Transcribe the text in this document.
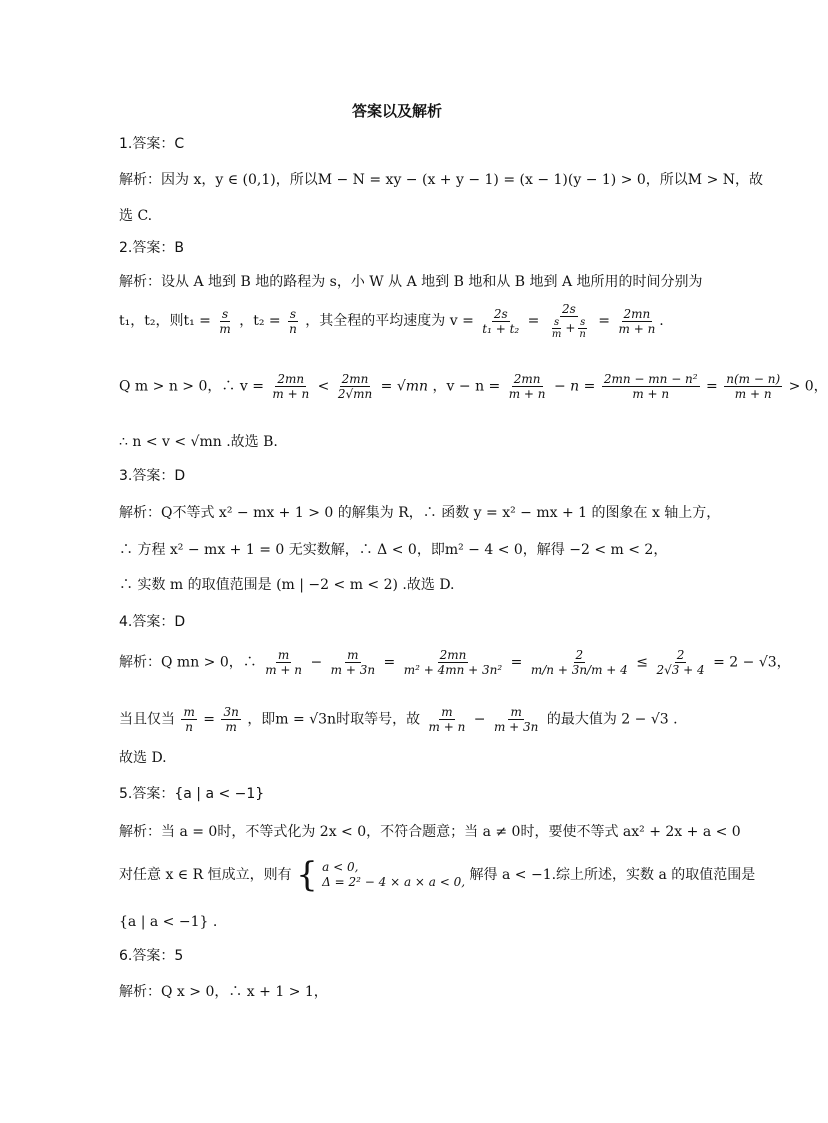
答案以及解析
1.答案：C
解析：因为 x，y ∈ (0,1)，所以M − N = xy − (x + y − 1) = (x − 1)(y − 1) > 0，所以M > N，故
选 C.
2.答案：B
解析：设从 A 地到 B 地的路程为 s，小 W 从 A 地到 B 地和从 B 地到 A 地所用的时间分别为
t₁，t₂，则$t_1 = \frac{s}{m}$ ，$t_2 = \frac{s}{n}$ ，其全程的平均速度为 $v = \frac{2s}{\text{t₁ + t₂}} = \frac{2s}{\frac{s}{m} + \frac{s}{n}} = \frac{2mn}{m + n}$ .
Q m > n > 0，∴ $v = \frac{2mn}{m + n} < \frac{2mn}{2√mn} = √mn$ ，$v - n = \frac{2mn}{m + n} - n = \frac{\text{2mn − mn − n²}}{m + n} = \frac{n(m - n)}{m + n} > 0$，
∴ n < v < √mn .故选 B.
3.答案：D
解析：Q不等式 x² − mx + 1 > 0 的解集为 R，∴ 函数 y = x² − mx + 1 的图象在 x 轴上方，
∴ 方程 x² − mx + 1 = 0 无实数解，∴ Δ < 0，即m² − 4 < 0，解得 −2 < m < 2，
∴ 实数 m 的取值范围是 (m | −2 < m < 2) .故选 D.
4.答案：D
解析：Q mn > 0，∴ $\frac{m}{m + n} - \frac{m}{m + 3n} = \frac{2mn}{\text{m² + 4mn + 3n²}} = \frac{2}{m/n + 3n/m + 4} \le \frac{2}{2√3 + 4} = 2 - √3$，
当且仅当 $\frac{m}{n} = \frac{3n}{m}$ ，即m = √3n时取等号，故 $\frac{m}{m + n} - \frac{m}{m + 3n}$ 的最大值为 2 − √3 .
故选 D.
5.答案：{a | a < −1}
解析：当 a = 0时，不等式化为 2x < 0，不符合题意；当 a ≠ 0时，要使不等式 ax² + 2x + a < 0
对任意 x ∈ R 恒成立，则有 { a < 0,
Δ = 2² − 4 × a × a < 0, 解得 a < −1.综上所述，实数 a 的取值范围是
{a | a < −1} .
6.答案：5
解析：Q x > 0，∴ x + 1 > 1，
